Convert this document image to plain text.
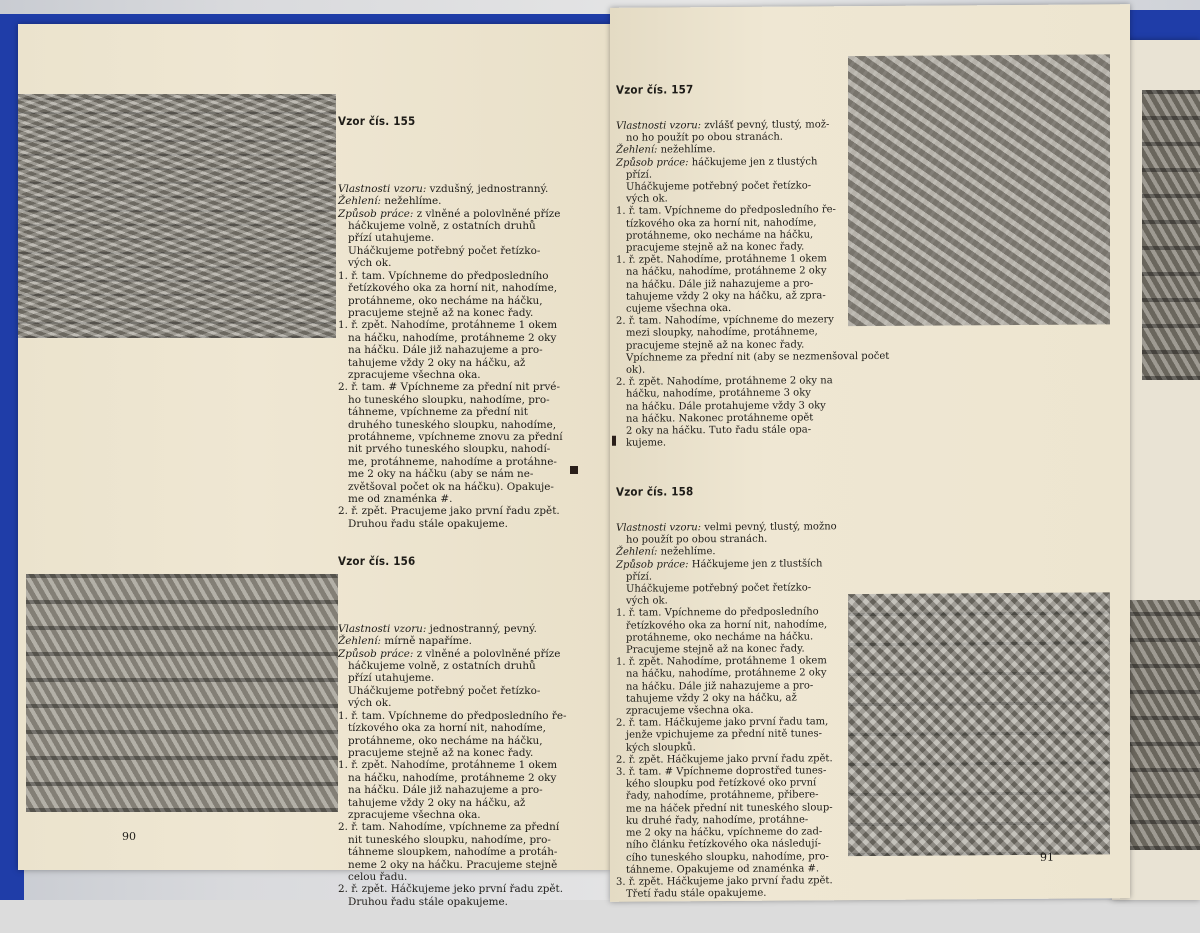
Vzor čís. 155

Vlastnosti vzoru: vzdušný, jednostranný.
Žehlení: nežehlíme.
Způsob práce: z vlněné a polovlněné příze
háčkujeme volně, z ostatních druhů
přízí utahujeme.
Uháčkujeme potřebný počet řetízko-
vých ok.
1. ř. tam. Vpíchneme do předposledního
řetízkového oka za horní nit, nahodíme,
protáhneme, oko necháme na háčku,
pracujeme stejně až na konec řady.
1. ř. zpět. Nahodíme, protáhneme 1 okem
na háčku, nahodíme, protáhneme 2 oky
na háčku. Dále již nahazujeme a pro-
tahujeme vždy 2 oky na háčku, až
zpracujeme všechna oka.
2. ř. tam. # Vpíchneme za přední nit prvé-
ho tuneského sloupku, nahodíme, pro-
táhneme, vpíchneme za přední nit
druhého tuneského sloupku, nahodíme,
protáhneme, vpíchneme znovu za přední
nit prvého tuneského sloupku, nahodí-
me, protáhneme, nahodíme a protáhne-
me 2 oky na háčku (aby se nám ne-
zvětšoval počet ok na háčku). Opakuje-
me od znaménka #.
2. ř. zpět. Pracujeme jako první řadu zpět.
Druhou řadu stále opakujeme.

Vzor čís. 156

Vlastnosti vzoru: jednostranný, pevný.
Žehlení: mírně napaříme.
Způsob práce: z vlněné a polovlněné příze
háčkujeme volně, z ostatních druhů
přízí utahujeme.
Uháčkujeme potřebný počet řetízko-
vých ok.
1. ř. tam. Vpíchneme do předposledního ře-
tízkového oka za horní nit, nahodíme,
protáhneme, oko necháme na háčku,
pracujeme stejně až na konec řady.
1. ř. zpět. Nahodíme, protáhneme 1 okem
na háčku, nahodíme, protáhneme 2 oky
na háčku. Dále již nahazujeme a pro-
tahujeme vždy 2 oky na háčku, až
zpracujeme všechna oka.
2. ř. tam. Nahodíme, vpíchneme za přední
nit tuneského sloupku, nahodíme, pro-
táhneme sloupkem, nahodíme a protáh-
neme 2 oky na háčku. Pracujeme stejně
celou řadu.
2. ř. zpět. Háčkujeme jeko první řadu zpět.
Druhou řadu stále opakujeme.

90

Vzor čís. 157

Vlastnosti vzoru: zvlášť pevný, tlustý, mož-
no ho použít po obou stranách.
Žehlení: nežehlíme.
Způsob práce: háčkujeme jen z tlustých
přízí.
Uháčkujeme potřebný počet řetízko-
vých ok.
1. ř. tam. Vpíchneme do předposledního ře-
tízkového oka za horní nit, nahodíme,
protáhneme, oko necháme na háčku,
pracujeme stejně až na konec řady.
1. ř. zpět. Nahodíme, protáhneme 1 okem
na háčku, nahodíme, protáhneme 2 oky
na háčku. Dále již nahazujeme a pro-
tahujeme vždy 2 oky na háčku, až zpra-
cujeme všechna oka.
2. ř. tam. Nahodíme, vpíchneme do mezery
mezi sloupky, nahodíme, protáhneme,
pracujeme stejně až na konec řady.
Vpíchneme za přední nit (aby se nezmenšoval počet
ok).
2. ř. zpět. Nahodíme, protáhneme 2 oky na
háčku, nahodíme, protáhneme 3 oky
na háčku. Dále protahujeme vždy 3 oky
na háčku. Nakonec protáhneme opět
2 oky na háčku. Tuto řadu stále opa-
kujeme.

Vzor čís. 158

Vlastnosti vzoru: velmi pevný, tlustý, možno
ho použít po obou stranách.
Žehlení: nežehlíme.
Způsob práce: Háčkujeme jen z tlustších
přízí.
Uháčkujeme potřebný počet řetízko-
vých ok.
1. ř. tam. Vpíchneme do předposledního
řetízkového oka za horní nit, nahodíme,
protáhneme, oko necháme na háčku.
Pracujeme stejně až na konec řady.
1. ř. zpět. Nahodíme, protáhneme 1 okem
na háčku, nahodíme, protáhneme 2 oky
na háčku. Dále již nahazujeme a pro-
tahujeme vždy 2 oky na háčku, až
zpracujeme všechna oka.
2. ř. tam. Háčkujeme jako první řadu tam,
jenže vpichujeme za přední nitě tunes-
kých sloupků.
2. ř. zpět. Háčkujeme jako první řadu zpět.
3. ř. tam. # Vpíchneme doprostřed tunes-
kého sloupku pod řetízkové oko první
řady, nahodíme, protáhneme, přibere-
me na háček přední nit tuneského sloup-
ku druhé řady, nahodíme, protáhne-
me 2 oky na háčku, vpíchneme do zad-
ního článku řetízkového oka následují-
cího tuneského sloupku, nahodíme, pro-
táhneme. Opakujeme od znaménka #.
3. ř. zpět. Háčkujeme jako první řadu zpět.
Třetí řadu stále opakujeme.

91
